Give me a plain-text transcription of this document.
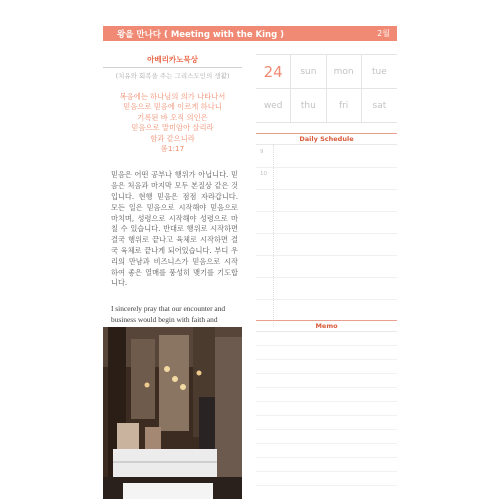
왕을 만나다 ( Meeting with the King )	2월
아베리카노묵상
(치유와 회복을 주는 그리스도인의 생활)
복음에는 하나님의 의가 나타나서
믿음으로 믿음에 이르게 하나니
기록된 바 오직 의인은
믿음으로 말미암아 살리라
함과 같으니라
롬1:17
믿음은 어떤 공부나 행위가 아닙니다. 믿음은 처음과 마지막 모두 본질상 같은 것입니다. 현행 믿음은 점점 자라갑니다. 모든 일은 믿음으로 시작해야 믿음으로 마치며, 성령으로 시작해야 성령으로 마칠 수 있습니다. 반대로 행위로 시작하면 결국 행위로 끝나고 육체로 시작하면 결국 육체로 끝나게 되어있습니다. 부디 우리의 만남과 비즈니스가 믿음으로 시작하여 좋은 열매를 풍성히 맺기를 기도합니다.
I sincerely pray that our encounter and business would begin with faith and
24	sun	mon	tue
wed	thu	fri	sat
Daily Schedule
9
10
Memo
